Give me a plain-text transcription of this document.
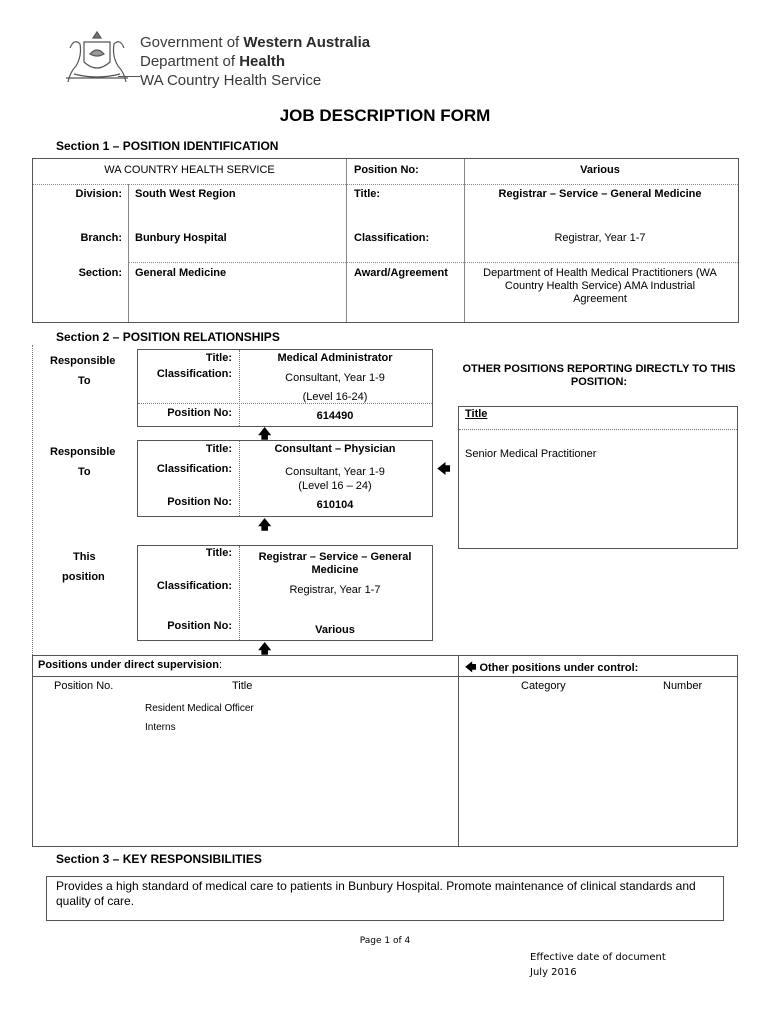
Government of Western Australia
Department of Health
WA Country Health Service
JOB DESCRIPTION FORM
Section 1 – POSITION IDENTIFICATION
WA COUNTRY HEALTH SERVICE	Position No:	Various
Division: South West Region	Title:	Registrar – Service – General Medicine
Branch: Bunbury Hospital	Classification:	Registrar, Year 1-7
Section: General Medicine	Award/Agreement	Department of Health Medical Practitioners (WA Country Health Service) AMA Industrial Agreement
Section 2 – POSITION RELATIONSHIPS
Responsible
To
Title:	Medical Administrator
Classification:	Consultant, Year 1-9
(Level 16-24)
Position No:	614490
🡅
Responsible
To
Title:	Consultant – Physician
Classification:	Consultant, Year 1-9
(Level 16 – 24)
Position No:	610104
🡄
🡅
This
position
Title:	Registrar – Service – General Medicine
Classification:	Registrar, Year 1-7
Position No:	Various
🡅
OTHER POSITIONS REPORTING DIRECTLY TO THIS POSITION:
Title
Senior Medical Practitioner
Positions under direct supervision:	🡄 Other positions under control:
Position No.	Title	Category	Number
Resident Medical Officer
Interns
Section 3 – KEY RESPONSIBILITIES
Provides a high standard of medical care to patients in Bunbury Hospital. Promote maintenance of clinical standards and quality of care.
Page 1 of 4
Effective date of document
July 2016
